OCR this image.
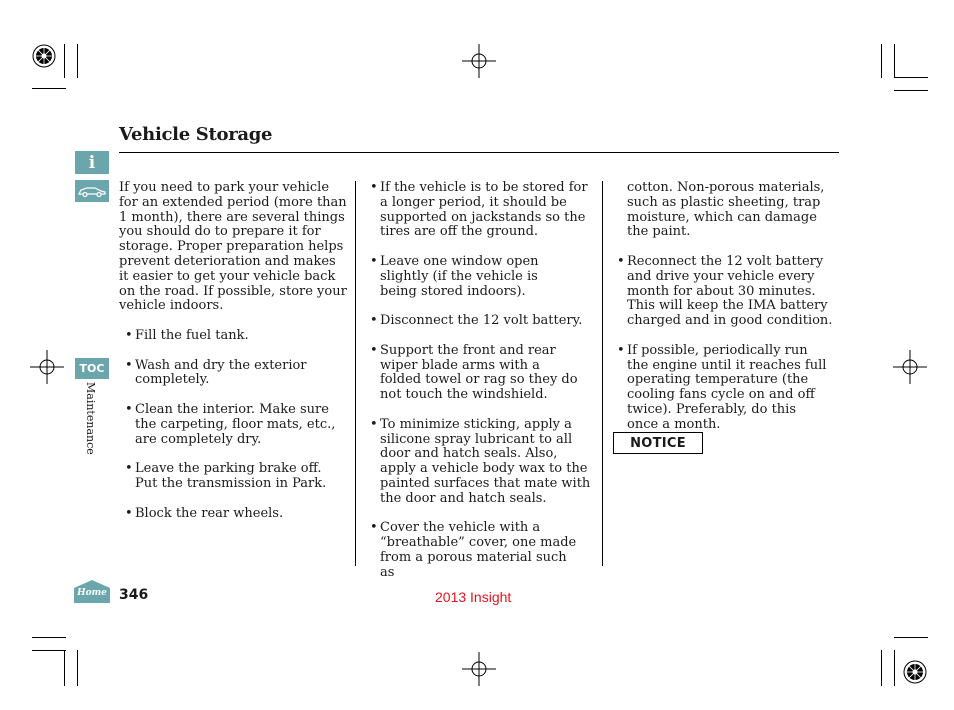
Vehicle Storage
i
TOC
Maintenance
Home

If you need to park your vehicle for an extended period (more than 1 month), there are several things you should do to prepare it for storage. Proper preparation helps prevent deterioration and makes it easier to get your vehicle back on the road. If possible, store your vehicle indoors.

• Fill the fuel tank.
• Wash and dry the exterior completely.
• Clean the interior. Make sure the carpeting, floor mats, etc., are completely dry.
• Leave the parking brake off. Put the transmission in Park.
• Block the rear wheels.
• If the vehicle is to be stored for a longer period, it should be supported on jackstands so the tires are off the ground.
• Leave one window open slightly (if the vehicle is being stored indoors).
• Disconnect the 12 volt battery.
• Support the front and rear wiper blade arms with a folded towel or rag so they do not touch the windshield.
• To minimize sticking, apply a silicone spray lubricant to all door and hatch seals. Also, apply a vehicle body wax to the painted surfaces that mate with the door and hatch seals.
• Cover the vehicle with a “breathable” cover, one made from a porous material such as

cotton. Non-porous materials, such as plastic sheeting, trap moisture, which can damage the paint.

• Reconnect the 12 volt battery and drive your vehicle every month for about 30 minutes. This will keep the IMA battery charged and in good condition.
• If possible, periodically run the engine until it reaches full operating temperature (the cooling fans cycle on and off twice). Preferably, do this once a month.
NOTICE
346	2013 Insight
